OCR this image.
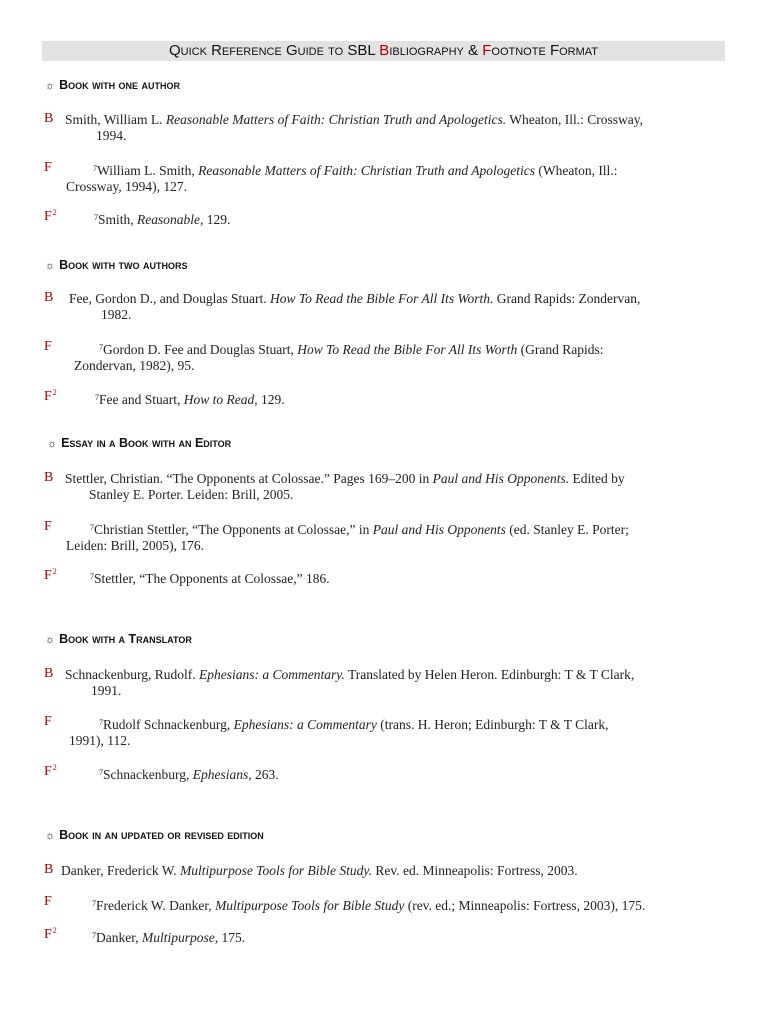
Quick Reference Guide to SBL Bibliography & Footnote Format
☼ Book with one author
B Smith, William L. Reasonable Matters of Faith: Christian Truth and Apologetics. Wheaton, Ill.: Crossway,
1994.
F	$^7$William L. Smith, Reasonable Matters of Faith: Christian Truth and Apologetics (Wheaton, Ill.:
Crossway, 1994), 127.
$F^2$
$^7$Smith, Reasonable, 129.
☼ Book with two authors
B Fee, Gordon D., and Douglas Stuart. How To Read the Bible For All Its Worth. Grand Rapids: Zondervan,
1982.
F	$^7$Gordon D. Fee and Douglas Stuart, How To Read the Bible For All Its Worth (Grand Rapids:
Zondervan, 1982), 95.
$F^2$
$^7$Fee and Stuart, How to Read, 129.
☼ Essay in a Book with an Editor
B Stettler, Christian. “The Opponents at Colossae.” Pages 169–200 in Paul and His Opponents. Edited by
Stanley E. Porter. Leiden: Brill, 2005.
F	$^7$Christian Stettler, “The Opponents at Colossae,” in Paul and His Opponents (ed. Stanley E. Porter;
Leiden: Brill, 2005), 176.
$F^2$
$^7$Stettler, “The Opponents at Colossae,” 186.
☼ Book with a Translator
B Schnackenburg, Rudolf. Ephesians: a Commentary. Translated by Helen Heron. Edinburgh: T & T Clark,
1991.
F	$^7$Rudolf Schnackenburg, Ephesians: a Commentary (trans. H. Heron; Edinburgh: T & T Clark,
1991), 112.
$F^2$
$^7$Schnackenburg, Ephesians, 263.
☼ Book in an updated or revised edition
B Danker, Frederick W. Multipurpose Tools for Bible Study. Rev. ed. Minneapolis: Fortress, 2003.
F	$^7$Frederick W. Danker, Multipurpose Tools for Bible Study (rev. ed.; Minneapolis: Fortress, 2003), 175.
$F^2$
$^7$Danker, Multipurpose, 175.
